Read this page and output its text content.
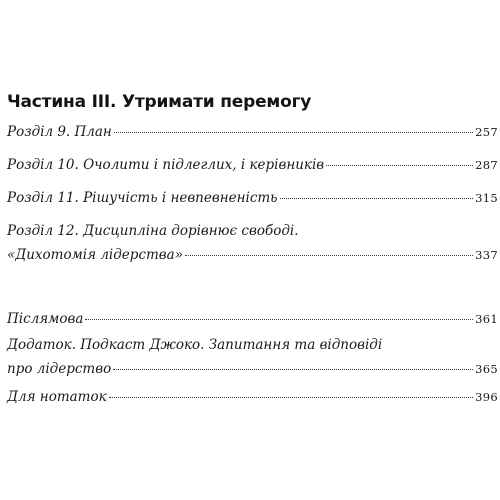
Частина III. Утримати перемогу
Розділ 9. План	257
Розділ 10. Очолити і підлеглих, і керівників	287
Розділ 11. Рішучість і невпевненість	315
Розділ 12. Дисципліна дорівнює свободі.
«Дихотомія лідерства»	337
Післямова	361
Додаток. Подкаст Джоко. Запитання та відповіді
про лідерство	365
Для нотаток	396
